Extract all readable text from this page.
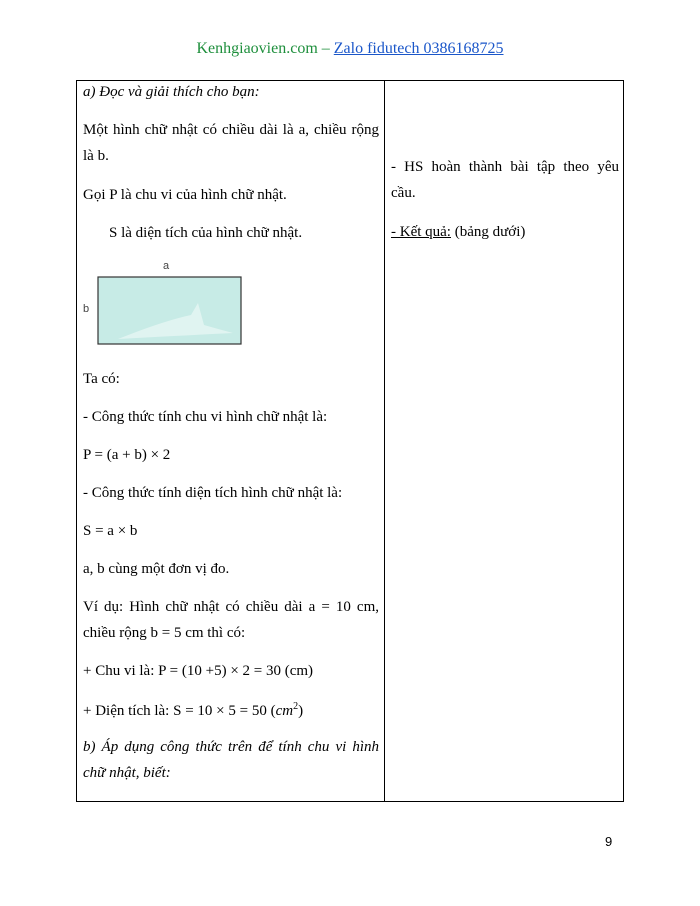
Kenhgiaovien.com – Zalo fidutech 0386168725
a) Đọc và giải thích cho bạn:
Một hình chữ nhật có chiều dài là a, chiều rộng
là b.
Gọi P là chu vi của hình chữ nhật.
S là diện tích của hình chữ nhật.
a
b
Ta có:
- Công thức tính chu vi hình chữ nhật là:
P = (a + b) × 2
- Công thức tính diện tích hình chữ nhật là:
S = a × b
a, b cùng một đơn vị đo.
Ví dụ: Hình chữ nhật có chiều dài a = 10 cm,
chiều rộng b = 5 cm thì có:
+ Chu vi là: P = (10 +5) × 2 = 30 (cm)
+ Diện tích là: S = 10 × 5 = 50 $(cm^2)$
b) Áp dụng công thức trên để tính chu vi hình
chữ nhật, biết:
- HS hoàn thành bài tập theo yêu
cầu.
- Kết quả: (bảng dưới)
9
